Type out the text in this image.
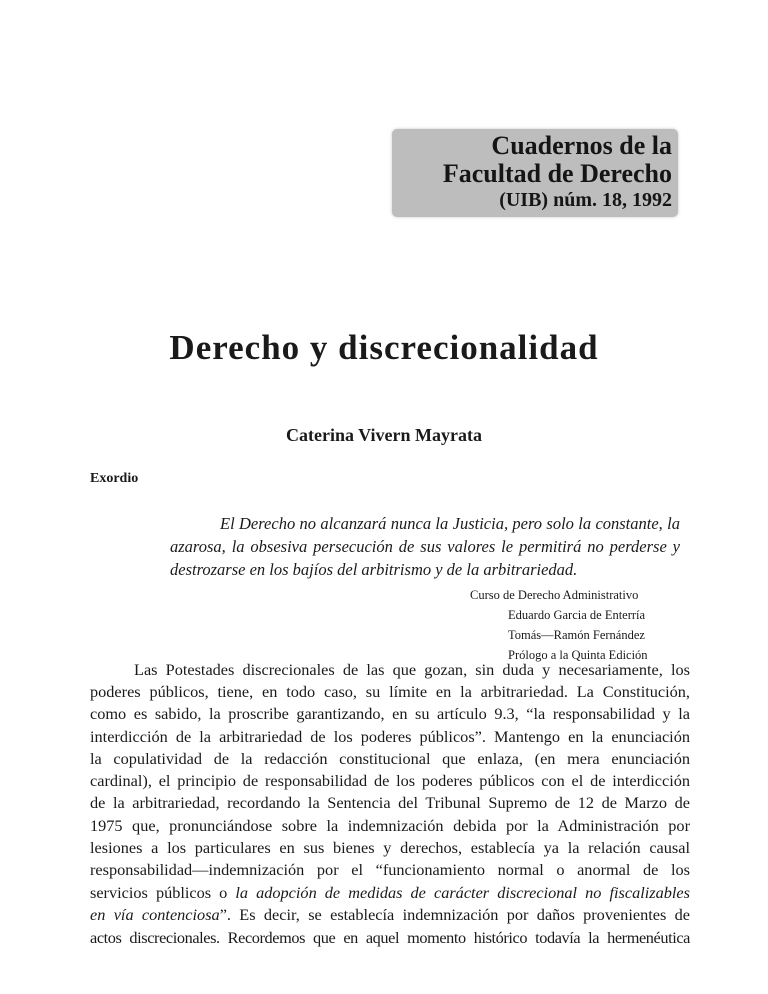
Cuadernos de la
Facultad de Derecho
(UIB) núm. 18, 1992
Derecho y discrecionalidad
Caterina Vivern Mayrata
Exordio
El Derecho no alcanzará nunca la Justicia, pero solo la constante, la
azarosa, la obsesiva persecución de sus valores le permitirá no perderse y
destrozarse en los bajíos del arbitrismo y de la arbitrariedad.
Curso de Derecho Administrativo
Eduardo Garcia de Enterría
Tomás—Ramón Fernández
Prólogo a la Quinta Edición
Las Potestades discrecionales de las que gozan, sin duda y necesariamente, los
poderes públicos, tiene, en todo caso, su límite en la arbitrariedad. La Constitución,
como es sabido, la proscribe garantizando, en su artículo 9.3, “la responsabilidad y la
interdicción de la arbitrariedad de los poderes públicos”. Mantengo en la enunciación
la copulatividad de la redacción constitucional que enlaza, (en mera enunciación
cardinal), el principio de responsabilidad de los poderes públicos con el de interdicción
de la arbitrariedad, recordando la Sentencia del Tribunal Supremo de 12 de Marzo de
1975 que, pronunciándose sobre la indemnización debida por la Administración por
lesiones a los particulares en sus bienes y derechos, establecía ya la relación causal
responsabilidad—indemnización por el “funcionamiento normal o anormal de los
servicios públicos o la adopción de medidas de carácter discrecional no fiscalizables
en vía contenciosa”. Es decir, se establecía indemnización por daños provenientes de
actos discrecionales. Recordemos que en aquel momento histórico todavía la hermenéutica
